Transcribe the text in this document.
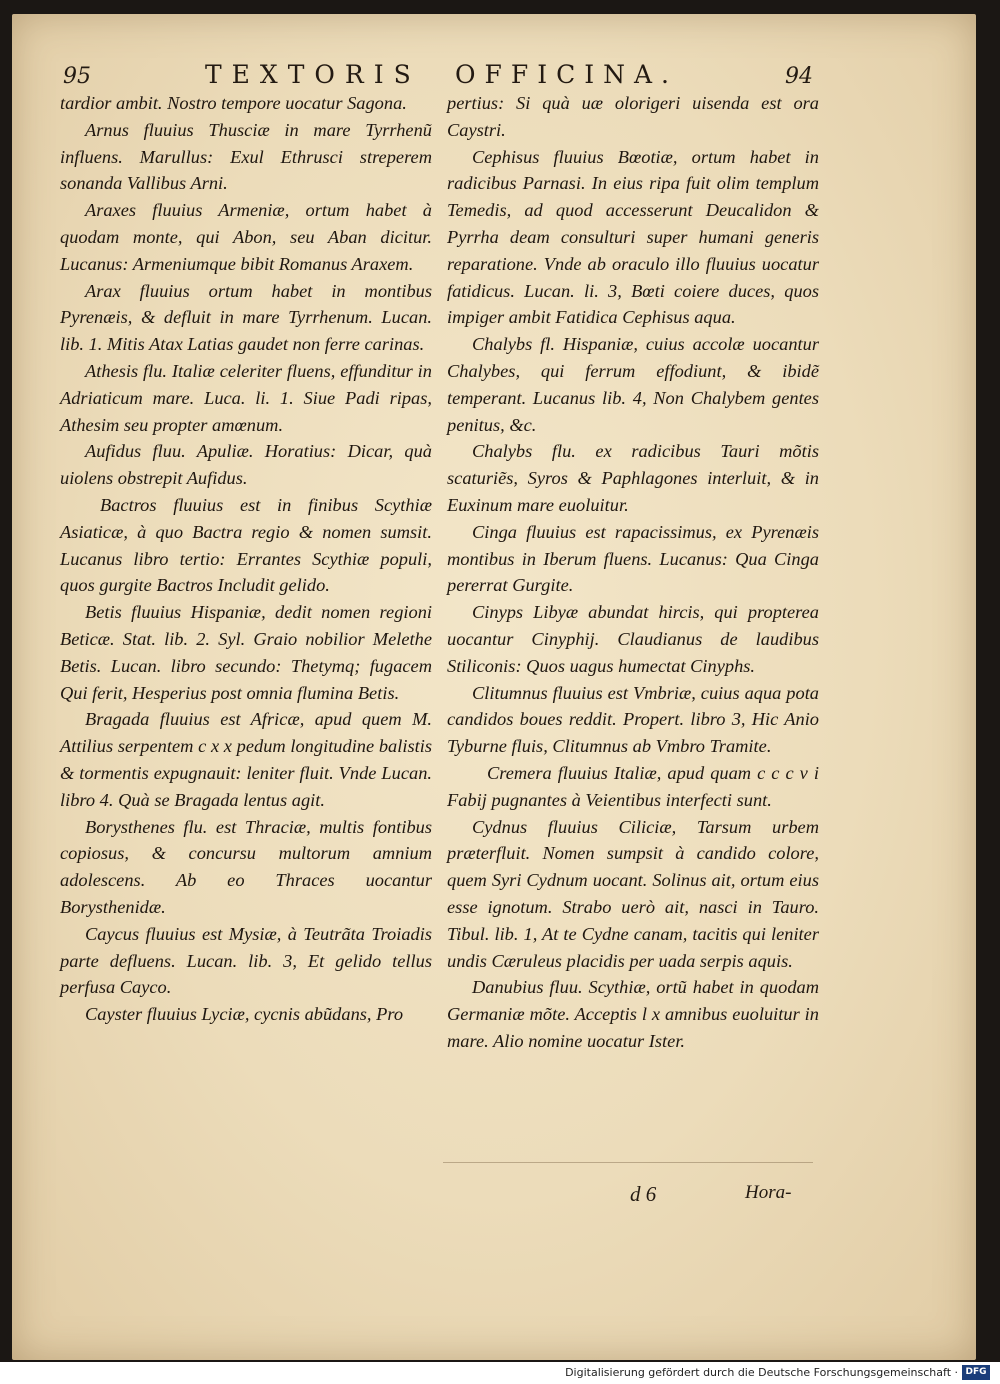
95	TEXTORIS OFFICINA.	94

tardior ambit. Nostro tempore uocatur Sagona.

Arnus fluuius Thusciæ in mare Tyrrhenũ influens. Marullus: Exul Ethrusci streperem sonanda Vallibus Arni.

Araxes fluuius Armeniæ, ortum habet à quodam monte, qui Abon, seu Aban dicitur. Lucanus: Armeniumque bibit Romanus Araxem.

Arax fluuius ortum habet in montibus Pyrenæis, & defluit in mare Tyrrhenum. Lucan. lib. 1. Mitis Atax Latias gaudet non ferre carinas.

Athesis flu. Italiæ celeriter fluens, effunditur in Adriaticum mare. Luca. li. 1. Siue Padi ripas, Athesim seu propter amœnum.

Aufidus fluu. Apuliæ. Horatius: Dicar, quà uiolens obstrepit Aufidus.

Bactros fluuius est in finibus Scythiæ Asiaticæ, à quo Bactra regio & nomen sumsit. Lucanus libro tertio: Errantes Scythiæ populi, quos gurgite Bactros Includit gelido.

Betis fluuius Hispaniæ, dedit nomen regioni Beticæ. Stat. lib. 2. Syl. Graio nobilior Melethe Betis. Lucan. libro secundo: Thetymq; fugacem Qui ferit, Hesperius post omnia flumina Betis.

Bragada fluuius est Africæ, apud quem M. Attilius serpentem c x x pedum longitudine balistis & tormentis expugnauit: leniter fluit. Vnde Lucan. libro 4. Quà se Bragada lentus agit.

Borysthenes flu. est Thraciæ, multis fontibus copiosus, & concursu multorum amnium adolescens. Ab eo Thraces uocantur Borysthenidæ.

Caycus fluuius est Mysiæ, à Teutrãta Troiadis parte defluens. Lucan. lib. 3, Et gelido tellus perfusa Cayco.

Cayster fluuius Lyciæ, cycnis abũdans, Pro

pertius: Si quà uæ olorigeri uisenda est ora Caystri.

Cephisus fluuius Bœotiæ, ortum habet in radicibus Parnasi. In eius ripa fuit olim templum Temedis, ad quod accesserunt Deucalidon & Pyrrha deam consulturi super humani generis reparatione. Vnde ab oraculo illo fluuius uocatur fatidicus. Lucan. li. 3, Bœti coiere duces, quos impiger ambit Fatidica Cephisus aqua.

Chalybs fl. Hispaniæ, cuius accolæ uocantur Chalybes, qui ferrum effodiunt, & ibidẽ temperant. Lucanus lib. 4, Non Chalybem gentes penitus, &c.

Chalybs flu. ex radicibus Tauri mõtis scaturiẽs, Syros & Paphlagones interluit, & in Euxinum mare euoluitur.

Cinga fluuius est rapacissimus, ex Pyrenæis montibus in Iberum fluens. Lucanus: Qua Cinga pererrat Gurgite.

Cinyps Libyæ abundat hircis, qui propterea uocantur Cinyphij. Claudianus de laudibus Stiliconis: Quos uagus humectat Cinyphs.

Clitumnus fluuius est Vmbriæ, cuius aqua pota candidos boues reddit. Propert. libro 3, Hic Anio Tyburne fluis, Clitumnus ab Vmbro Tramite.

Cremera fluuius Italiæ, apud quam c c c v i Fabij pugnantes à Veientibus interfecti sunt.

Cydnus fluuius Ciliciæ, Tarsum urbem præterfluit. Nomen sumpsit à candido colore, quem Syri Cydnum uocant. Solinus ait, ortum eius esse ignotum. Strabo uerò ait, nasci in Tauro. Tibul. lib. 1, At te Cydne canam, tacitis qui leniter undis Cæruleus placidis per uada serpis aquis.

Danubius fluu. Scythiæ, ortũ habet in quodam Germaniæ mõte. Acceptis l x amnibus euoluitur in mare. Alio nomine uocatur Ister.

d 6	Hora-
Digitalisierung gefördert durch die Deutsche Forschungsgemeinschaft · DFG
